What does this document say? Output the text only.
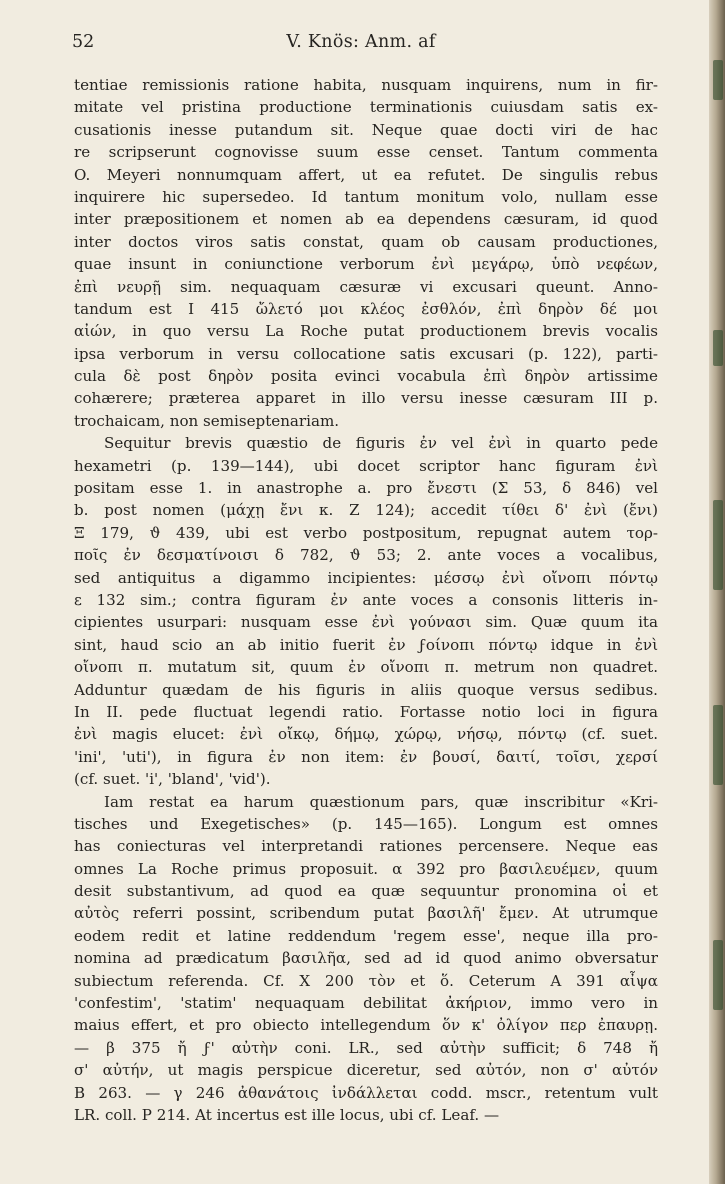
52	V. Knös: Anm. af
tentiae remissionis ratione habita, nusquam inquirens, num in fir-
mitate vel pristina productione terminationis cuiusdam satis ex-
cusationis inesse putandum sit. Neque quae docti viri de hac
re scripserunt cognovisse suum esse censet. Tantum commenta
O. Meyeri nonnumquam affert, ut ea refutet. De singulis rebus
inquirere hic supersedeo. Id tantum monitum volo, nullam esse
inter præpositionem et nomen ab ea dependens cæsuram, id quod
inter doctos viros satis constat, quam ob causam productiones,
quae insunt in coniunctione verborum ἐνὶ μεγάρῳ, ὑπὸ νεφέων,
ἐπὶ νευρῇ sim. nequaquam cæsuræ vi excusari queunt. Anno-
tandum est I 415 ὤλετό μοι κλέος ἐσθλόν, ἐπὶ δηρὸν δέ μοι
αἰών, in quo versu La Roche putat productionem brevis vocalis
ipsa verborum in versu collocatione satis excusari (p. 122), parti-
cula δὲ post δηρὸν posita evinci vocabula ἐπὶ δηρὸν artissime
cohærere; præterea apparet in illo versu inesse cæsuram III p.
trochaicam, non semiseptenariam.
Sequitur brevis quæstio de figuris ἐν vel ἐνὶ in quarto pede
hexametri (p. 139—144), ubi docet scriptor hanc figuram ἐνὶ
positam esse 1. in anastrophe a. pro ἔνεστι (Σ 53, δ 846) vel
b. post nomen (μάχῃ ἔνι κ. Z 124); accedit τίθει δ' ἐνὶ (ἔνι)
Ξ 179, ϑ 439, ubi est verbo postpositum, repugnat autem τορ-
ποῖς ἐν δεσματίνοισι δ 782, ϑ 53; 2. ante voces a vocalibus,
sed antiquitus a digammo incipientes: μέσσῳ ἐνὶ οἴνοπι πόντῳ
ε 132 sim.; contra figuram ἐν ante voces a consonis litteris in-
cipientes usurpari: nusquam esse ἐνὶ γούνασι sim. Quæ quum ita
sint, haud scio an ab initio fuerit ἐν ϝοίνοπι πόντῳ idque in ἐνὶ
οἴνοπι π. mutatum sit, quum ἐν οἴνοπι π. metrum non quadret.
Adduntur quædam de his figuris in aliis quoque versus sedibus.
In II. pede fluctuat legendi ratio. Fortasse notio loci in figura
ἐνὶ magis elucet: ἐνὶ οἴκῳ, δήμῳ, χώρῳ, νήσῳ, πόντῳ (cf. suet.
'ini', 'uti'), in figura ἐν non item: ἐν βουσί, δαιτί, τοῖσι, χερσί
(cf. suet. 'i', 'bland', 'vid').
Iam restat ea harum quæstionum pars, quæ inscribitur «Kri-
tisches und Exegetisches» (p. 145—165). Longum est omnes
has coniecturas vel interpretandi rationes percensere. Neque eas
omnes La Roche primus proposuit. α 392 pro βασιλευέμεν, quum
desit substantivum, ad quod ea quæ sequuntur pronomina οἱ et
αὐτὸς referri possint, scribendum putat βασιλῆ' ἔμεν. At utrumque
eodem redit et latine reddendum 'regem esse', neque illa pro-
nomina ad prædicatum βασιλῆα, sed ad id quod animo obversatur
subiectum referenda. Cf. X 200 τὸν et ὅ. Ceterum Α 391 αἶψα
'confestim', 'statim' nequaquam debilitat ἀκήριον, immo vero in
maius effert, et pro obiecto intellegendum ὅν κ' ὀλίγον περ ἐπαυρῃ.
— β 375 ἤ ϝ' αὐτὴν coni. LR., sed αὐτὴν sufficit; δ 748 ἤ
σ' αὐτήν, ut magis perspicue diceretur, sed αὐτόν, non σ' αὐτόν
B 263. — γ 246 ἀθανάτοις ἰνδάλλεται codd. mscr., retentum vult
LR. coll. P 214. At incertus est ille locus, ubi cf. Leaf. —
